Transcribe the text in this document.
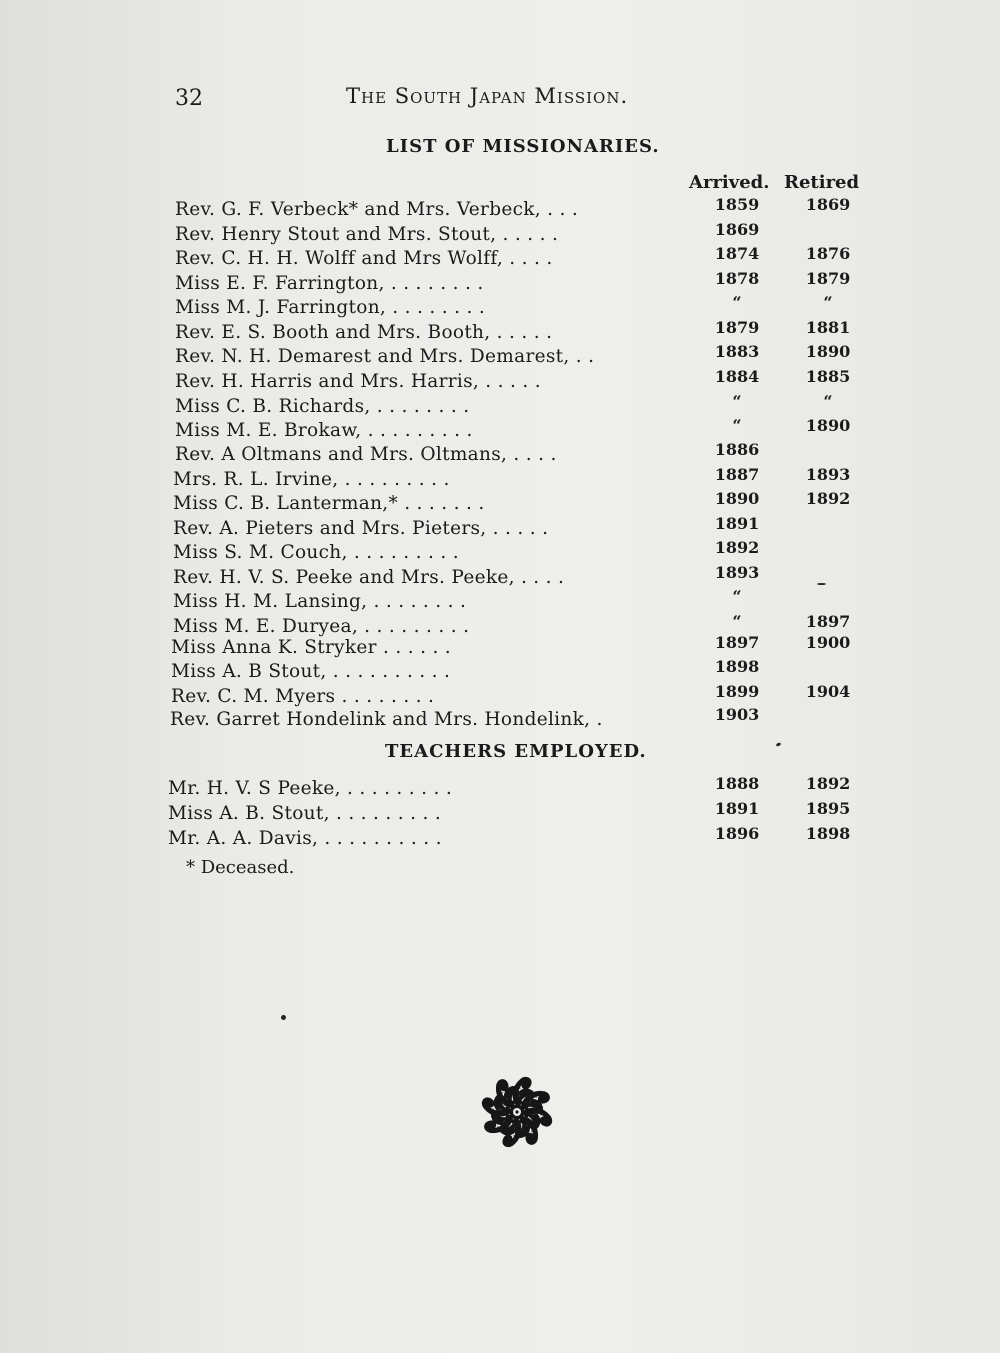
32	The South Japan Mission.
LIST OF MISSIONARIES.
Arrived. Retired
Rev. G. F. Verbeck* and Mrs. Verbeck, . . .	1859	1869
Rev. Henry Stout and Mrs. Stout, . . . . .	1869
Rev. C. H. H. Wolff and Mrs Wolff, . . . .	1874	1876
Miss E. F. Farrington, . . . . . . . .	1878	1879
Miss M. J. Farrington, . . . . . . . .	“	“
Rev. E. S. Booth and Mrs. Booth, . . . . .	1879	1881
Rev. N. H. Demarest and Mrs. Demarest, . .	1883	1890
Rev. H. Harris and Mrs. Harris, . . . . .	1884	1885
Miss C. B. Richards, . . . . . . . .	“	“
Miss M. E. Brokaw, . . . . . . . . .	“	1890
Rev. A Oltmans and Mrs. Oltmans, . . . .	1886
Mrs. R. L. Irvine, . . . . . . . . .	1887	1893
Miss C. B. Lanterman,* . . . . . . .	1890	1892
Rev. A. Pieters and Mrs. Pieters, . . . . .	1891
Miss S. M. Couch, . . . . . . . . .	1892
Rev. H. V. S. Peeke and Mrs. Peeke, . . . .	1893
Miss H. M. Lansing, . . . . . . . .	“
Miss M. E. Duryea, . . . . . . . . .	“	1897
Miss Anna K. Stryker . . . . . .	1897	1900
Miss A. B Stout, . . . . . . . . . .	1898
Rev. C. M. Myers . . . . . . . .	1899	1904
Rev. Garret Hondelink and Mrs. Hondelink, .	1903
TEACHERS EMPLOYED.
Mr. H. V. S Peeke, . . . . . . . . .	1888	1892
Miss A. B. Stout, . . . . . . . . .	1891	1895
Mr. A. A. Davis, . . . . . . . . . .	1896	1898
* Deceased.
